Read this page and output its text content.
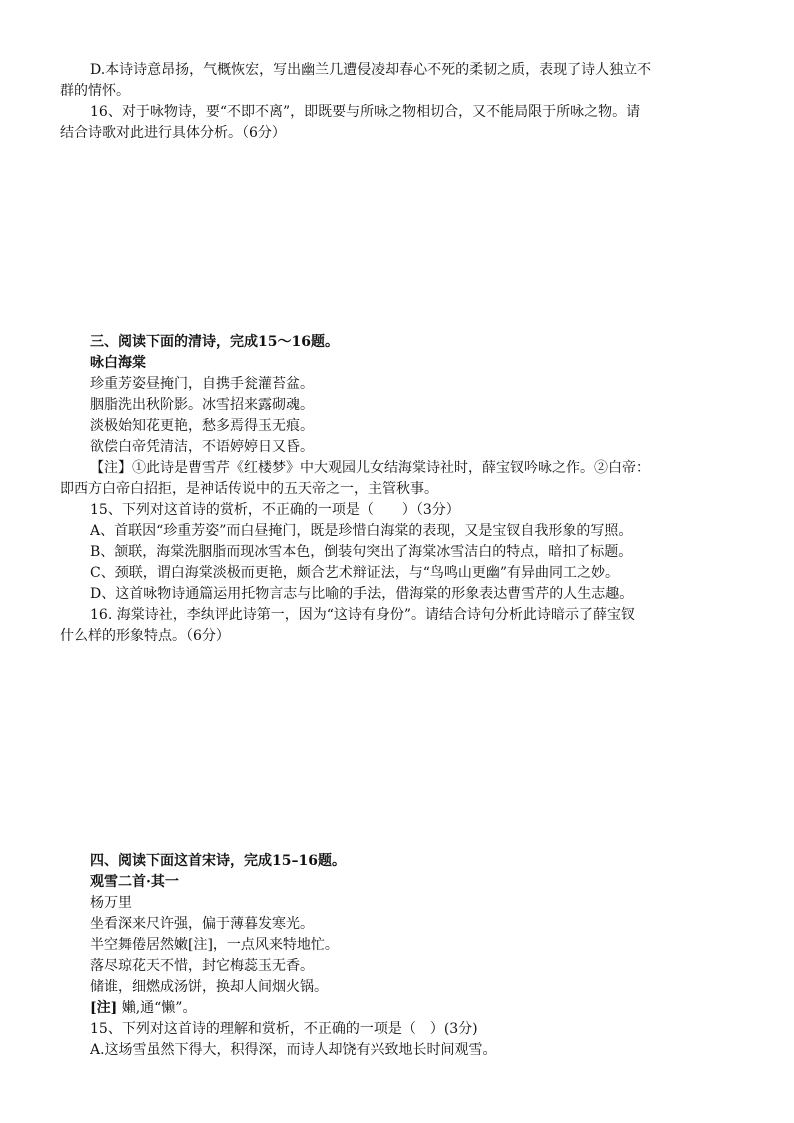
D.本诗诗意昂扬，气概恢宏，写出幽兰几遭侵凌却春心不死的柔韧之质，表现了诗人独立不
群的情怀。
16、对于咏物诗，要“不即不离”，即既要与所咏之物相切合，又不能局限于所咏之物。请
结合诗歌对此进行具体分析。（6分）
三、阅读下面的清诗，完成15～16题。
咏白海棠
珍重芳姿昼掩门，自携手瓮灌苔盆。
胭脂洗出秋阶影。冰雪招来露砌魂。
淡极始知花更艳，愁多焉得玉无痕。
欲偿白帝凭清洁，不语婷婷日又昏。
【注】①此诗是曹雪芹《红楼梦》中大观园儿女结海棠诗社时，薛宝钗吟咏之作。②白帝：
即西方白帝白招拒，是神话传说中的五天帝之一，主管秋事。
15、下列对这首诗的赏析，不正确的一项是（　　）（3分）
A、首联因“珍重芳姿”而白昼掩门，既是珍惜白海棠的表现，又是宝钗自我形象的写照。
B、颔联，海棠洗胭脂而现冰雪本色，倒装句突出了海棠冰雪洁白的特点，暗扣了标题。
C、颈联，谓白海棠淡极而更艳，颇合艺术辩证法，与“鸟鸣山更幽”有异曲同工之妙。
D、这首咏物诗通篇运用托物言志与比喻的手法，借海棠的形象表达曹雪芹的人生志趣。
16. 海棠诗社，李纨评此诗第一，因为“这诗有身份”。请结合诗句分析此诗暗示了薛宝钗
什么样的形象特点。（6分）
四、阅读下面这首宋诗，完成15–16题。
观雪二首·其一
杨万里
坐看深来尺许强，偏于薄暮发寒光。
半空舞倦居然嫩[注]，一点风来特地忙。
落尽琼花天不惜，封它梅蕊玉无香。
储谁，细燃成汤饼，换却人间烟火锅。
[注] 嬾,通“懒”。
15、下列对这首诗的理解和赏析，不正确的一项是（　）(3分)
A.这场雪虽然下得大，积得深，而诗人却饶有兴致地长时间观雪。
